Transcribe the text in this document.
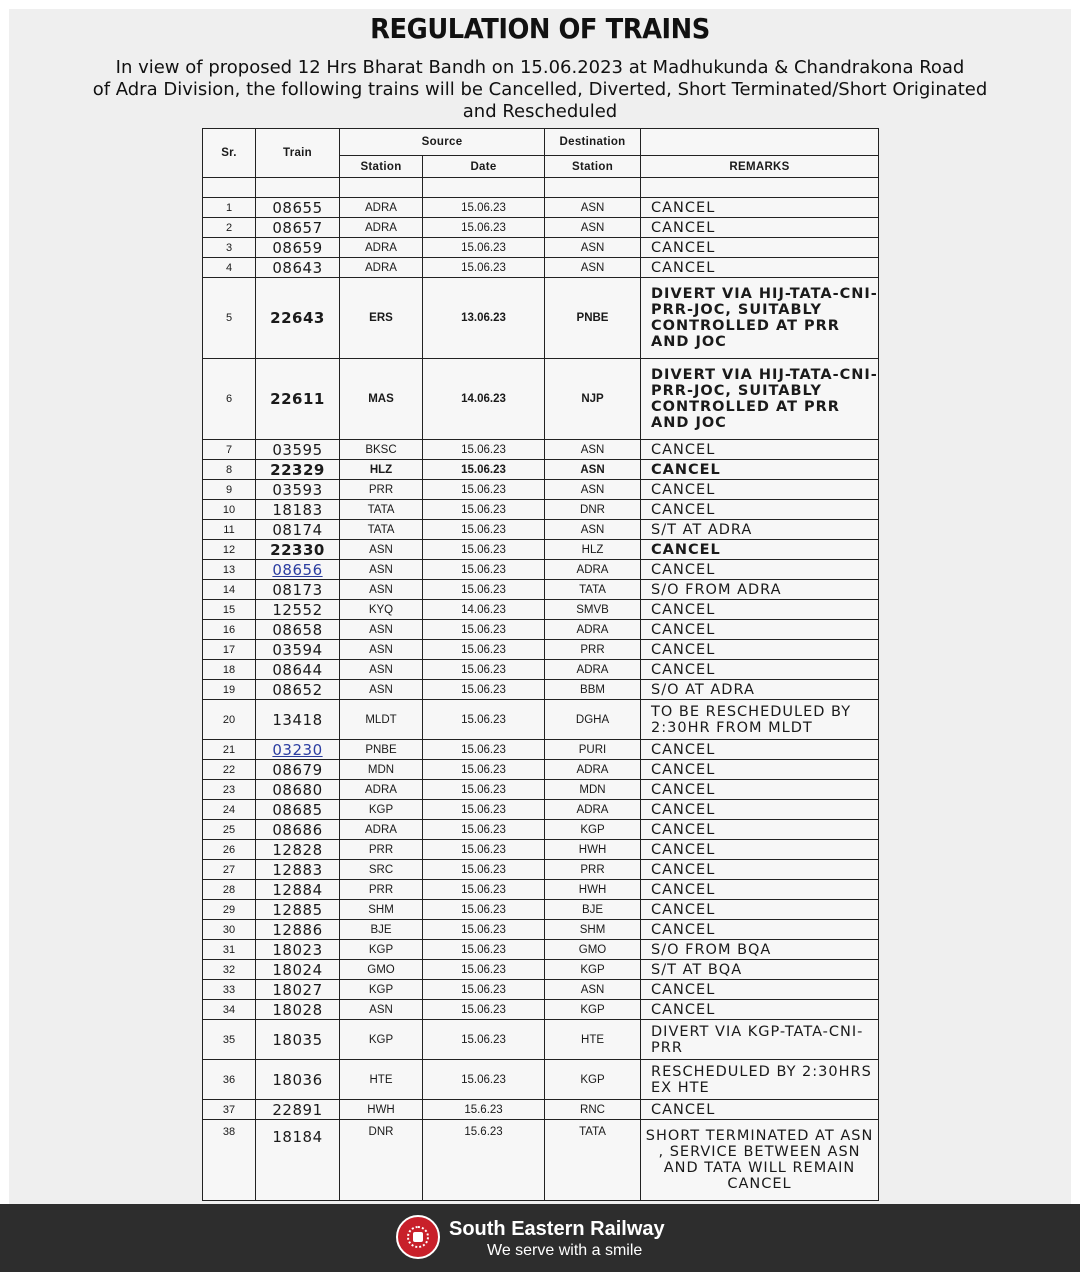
REGULATION OF TRAINS
In view of proposed 12 Hrs Bharat Bandh on 15.06.2023 at Madhukunda & Chandrakona Road
of Adra Division, the following trains will be Cancelled, Diverted, Short Terminated/Short Originated
and Rescheduled
Sr.	Train	Source		Destination	
		Station	Date	Station	REMARKS

1	08655	ADRA	15.06.23	ASN	CANCEL
2	08657	ADRA	15.06.23	ASN	CANCEL
3	08659	ADRA	15.06.23	ASN	CANCEL
4	08643	ADRA	15.06.23	ASN	CANCEL
5	22643	ERS	13.06.23	PNBE	DIVERT VIA HIJ-TATA-CNI-PRR-JOC, SUITABLY CONTROLLED AT PRR AND JOC
6	22611	MAS	14.06.23	NJP	DIVERT VIA HIJ-TATA-CNI-PRR-JOC, SUITABLY CONTROLLED AT PRR AND JOC
7	03595	BKSC	15.06.23	ASN	CANCEL
8	22329	HLZ	15.06.23	ASN	CANCEL
9	03593	PRR	15.06.23	ASN	CANCEL
10	18183	TATA	15.06.23	DNR	CANCEL
11	08174	TATA	15.06.23	ASN	S/T AT ADRA
12	22330	ASN	15.06.23	HLZ	CANCEL
13	08656	ASN	15.06.23	ADRA	CANCEL
14	08173	ASN	15.06.23	TATA	S/O FROM ADRA
15	12552	KYQ	14.06.23	SMVB	CANCEL
16	08658	ASN	15.06.23	ADRA	CANCEL
17	03594	ASN	15.06.23	PRR	CANCEL
18	08644	ASN	15.06.23	ADRA	CANCEL
19	08652	ASN	15.06.23	BBM	S/O AT ADRA
20	13418	MLDT	15.06.23	DGHA	TO BE RESCHEDULED BY 2:30HR FROM MLDT
21	03230	PNBE	15.06.23	PURI	CANCEL
22	08679	MDN	15.06.23	ADRA	CANCEL
23	08680	ADRA	15.06.23	MDN	CANCEL
24	08685	KGP	15.06.23	ADRA	CANCEL
25	08686	ADRA	15.06.23	KGP	CANCEL
26	12828	PRR	15.06.23	HWH	CANCEL
27	12883	SRC	15.06.23	PRR	CANCEL
28	12884	PRR	15.06.23	HWH	CANCEL
29	12885	SHM	15.06.23	BJE	CANCEL
30	12886	BJE	15.06.23	SHM	CANCEL
31	18023	KGP	15.06.23	GMO	S/O FROM BQA
32	18024	GMO	15.06.23	KGP	S/T AT BQA
33	18027	KGP	15.06.23	ASN	CANCEL
34	18028	ASN	15.06.23	KGP	CANCEL
35	18035	KGP	15.06.23	HTE	DIVERT VIA KGP-TATA-CNI-PRR
36	18036	HTE	15.06.23	KGP	RESCHEDULED BY 2:30HRS EX HTE
37	22891	HWH	15.6.23	RNC	CANCEL
38	18184	DNR	15.6.23	TATA	SHORT TERMINATED AT ASN , SERVICE BETWEEN ASN AND TATA WILL REMAIN CANCEL
South Eastern Railway
We serve with a smile
